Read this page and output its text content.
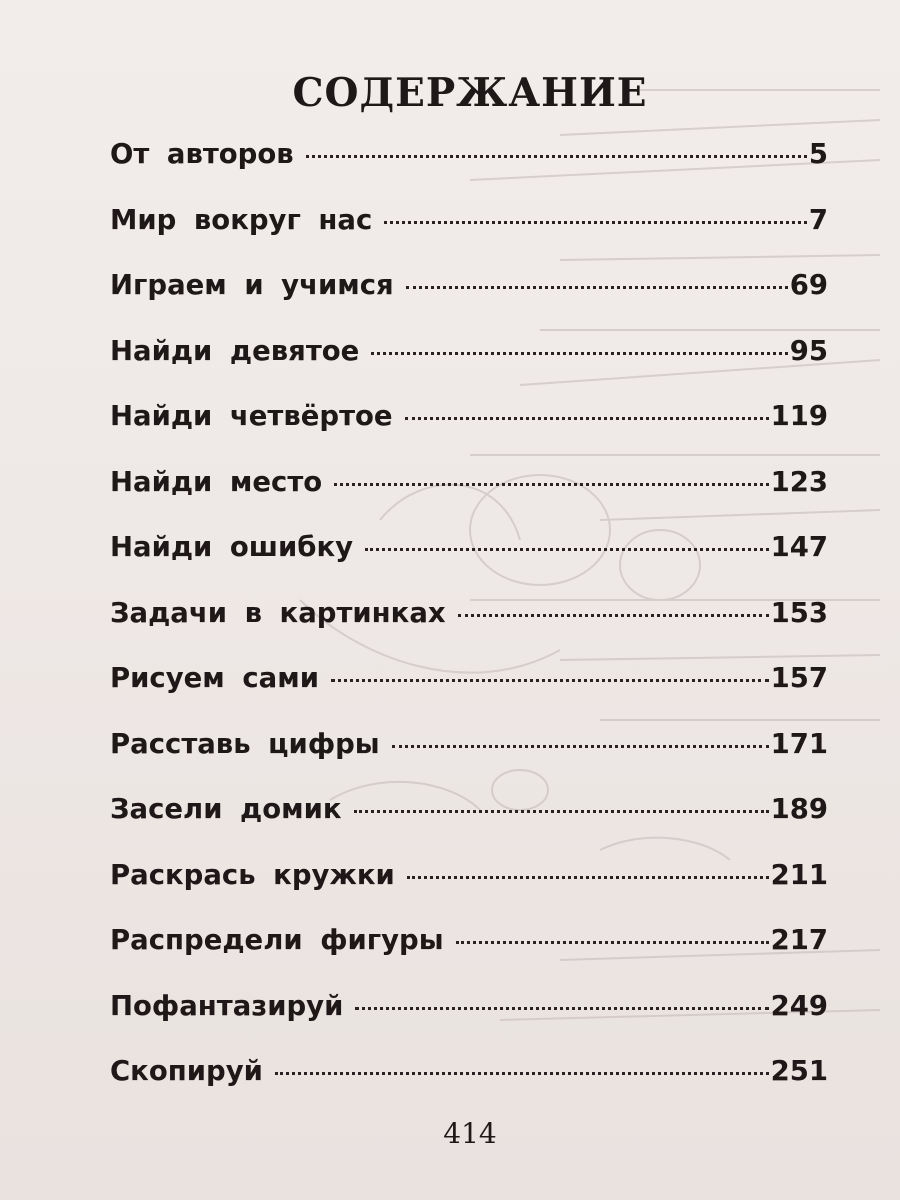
СОДЕРЖАНИЕ
От авторов	5
Мир вокруг нас	7
Играем и учимся	69
Найди девятое	95
Найди четвёртое	119
Найди место	123
Найди ошибку	147
Задачи в картинках	153
Рисуем сами	157
Расставь цифры	171
Засели домик	189
Раскрась кружки	211
Распредели фигуры	217
Пофантазируй	249
Скопируй	251
414
